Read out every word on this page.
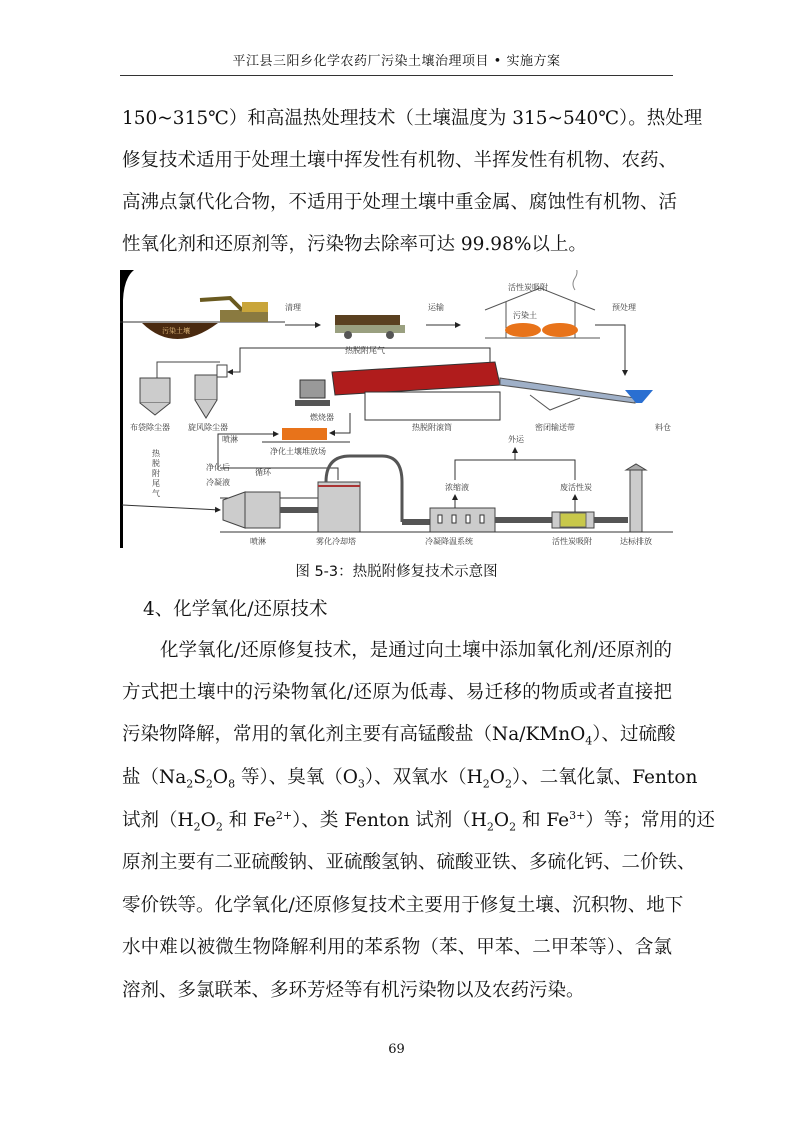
平江县三阳乡化学农药厂污染土壤治理项目 • 实施方案
150~315℃）和高温热处理技术（土壤温度为 315~540℃）。热处理
修复技术适用于处理土壤中挥发性有机物、半挥发性有机物、农药、
高沸点氯代化合物，不适用于处理土壤中重金属、腐蚀性有机物、活
性氧化剂和还原剂等，污染物去除率可达 99.98%以上。
污染土壤
清理	运输
活性炭吸附
污染土
预处理
热脱附尾气
布袋除尘器 旋风除尘器
燃烧器
热脱附滚筒	密闭输送带	料仓
喷淋
净化土壤堆放场
热
脱
附
尾
气
净化后
循环
冷凝液
喷淋	雾化冷却塔	冷凝降温系统	活性炭吸附	达标排放
浓缩液	废活性炭
外运
图 5-3：热脱附修复技术示意图
4、化学氧化/还原技术
化学氧化/还原修复技术，是通过向土壤中添加氧化剂/还原剂的
方式把土壤中的污染物氧化/还原为低毒、易迁移的物质或者直接把
污染物降解，常用的氧化剂主要有高锰酸盐（Na/KMnO$_4$）、过硫酸
盐（$Na_2S_2O_8$ 等）、臭氧$(O_3)$、双氧水$(H_2O_2)$、二氧化氯、Fenton
试剂（$H_2O_2$ 和 $Fe^{2+}$）、类 Fenton 试剂（$H_2O_2$ 和 $Fe^{3+}$）等；常用的还
原剂主要有二亚硫酸钠、亚硫酸氢钠、硫酸亚铁、多硫化钙、二价铁、
零价铁等。化学氧化/还原修复技术主要用于修复土壤、沉积物、地下
水中难以被微生物降解利用的苯系物（苯、甲苯、二甲苯等）、含氯
溶剂、多氯联苯、多环芳烃等有机污染物以及农药污染。
69
